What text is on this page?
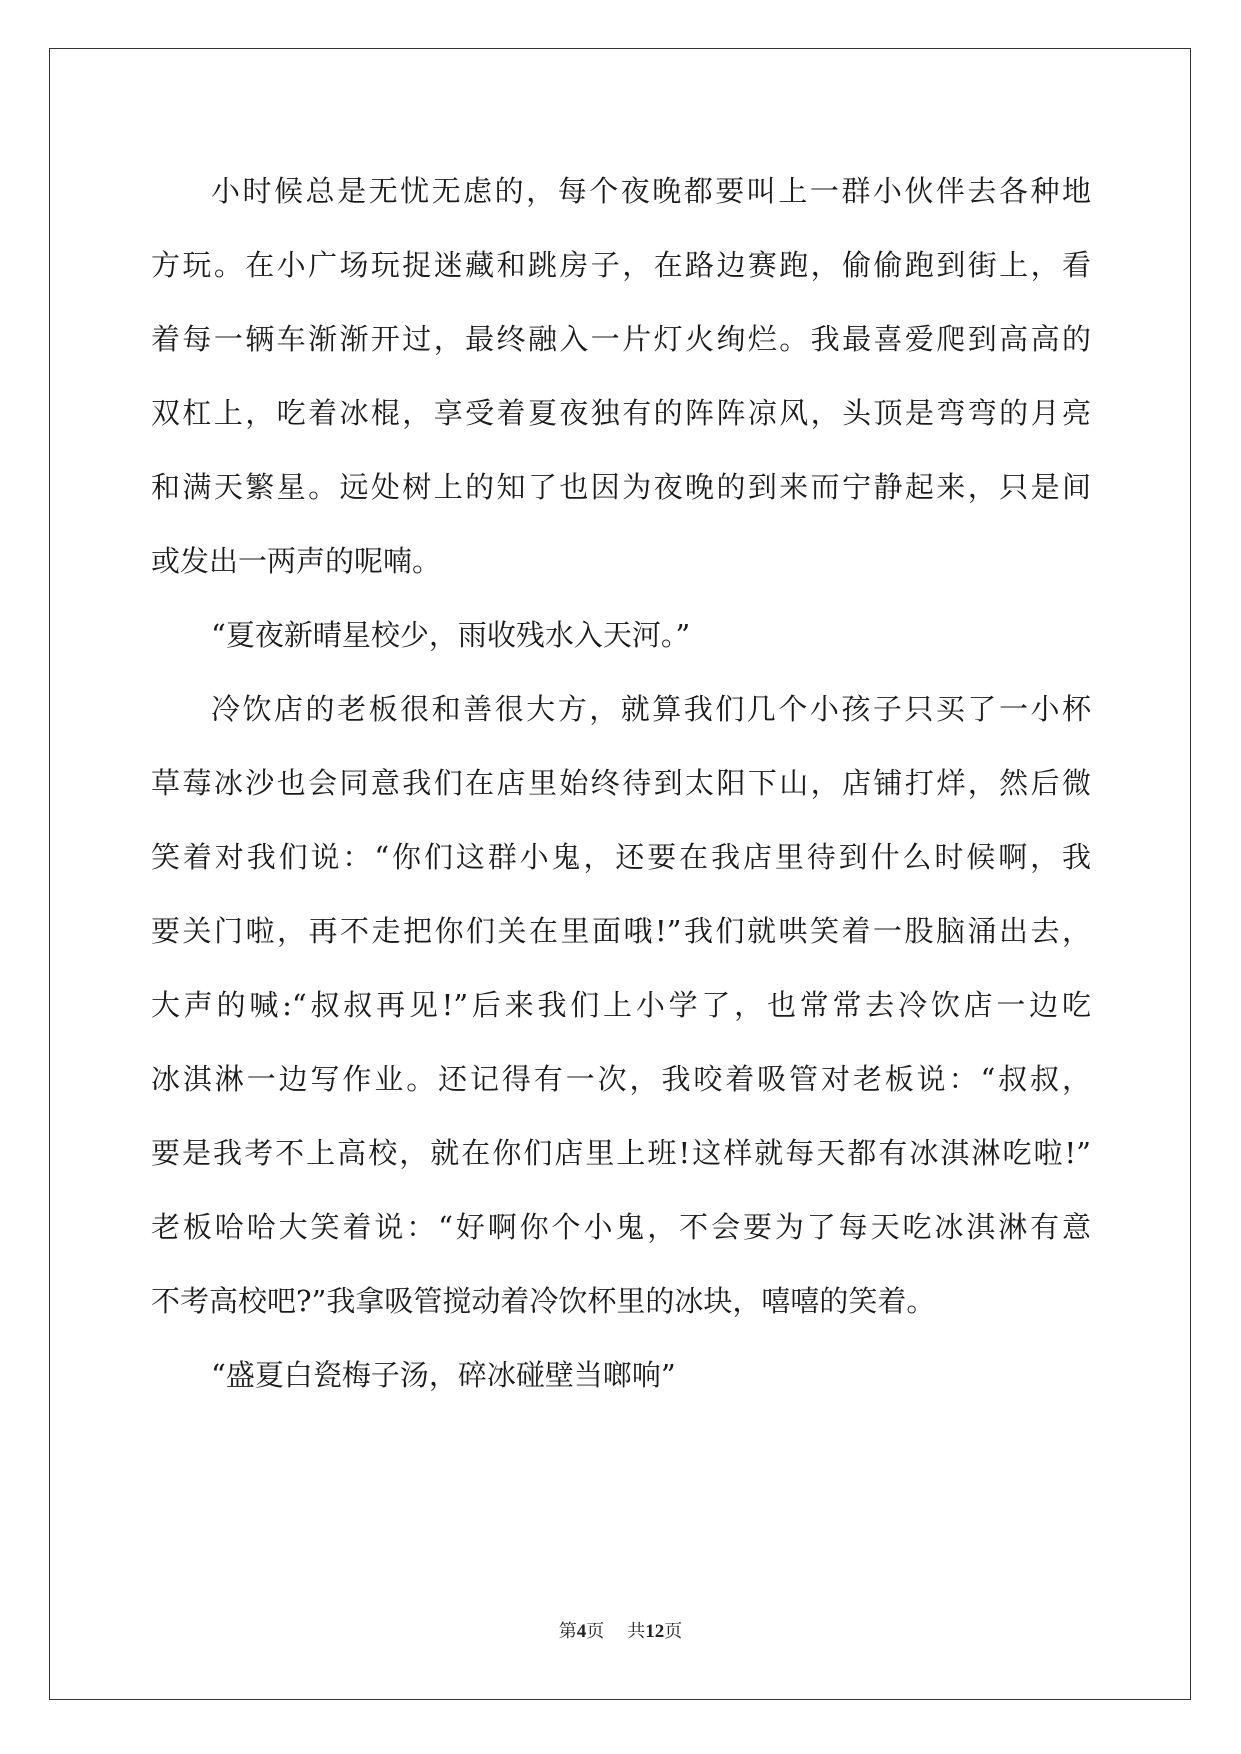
小时候总是无忧无虑的，每个夜晚都要叫上一群小伙伴去各种地
方玩。在小广场玩捉迷藏和跳房子，在路边赛跑，偷偷跑到街上，看
着每一辆车渐渐开过，最终融入一片灯火绚烂。我最喜爱爬到高高的
双杠上，吃着冰棍，享受着夏夜独有的阵阵凉风，头顶是弯弯的月亮
和满天繁星。远处树上的知了也因为夜晚的到来而宁静起来，只是间
或发出一两声的呢喃。
“夏夜新晴星校少，雨收残水入天河。”
冷饮店的老板很和善很大方，就算我们几个小孩子只买了一小杯
草莓冰沙也会同意我们在店里始终待到太阳下山，店铺打烊，然后微
笑着对我们说：“你们这群小鬼，还要在我店里待到什么时候啊，我
要关门啦，再不走把你们关在里面哦!”我们就哄笑着一股脑涌出去，
大声的喊:“叔叔再见!”后来我们上小学了，也常常去冷饮店一边吃
冰淇淋一边写作业。还记得有一次，我咬着吸管对老板说：“叔叔，
要是我考不上高校，就在你们店里上班!这样就每天都有冰淇淋吃啦!”
老板哈哈大笑着说：“好啊你个小鬼，不会要为了每天吃冰淇淋有意
不考高校吧?”我拿吸管搅动着冷饮杯里的冰块，嘻嘻的笑着。
“盛夏白瓷梅子汤，碎冰碰壁当啷响”
第4页 共12页
